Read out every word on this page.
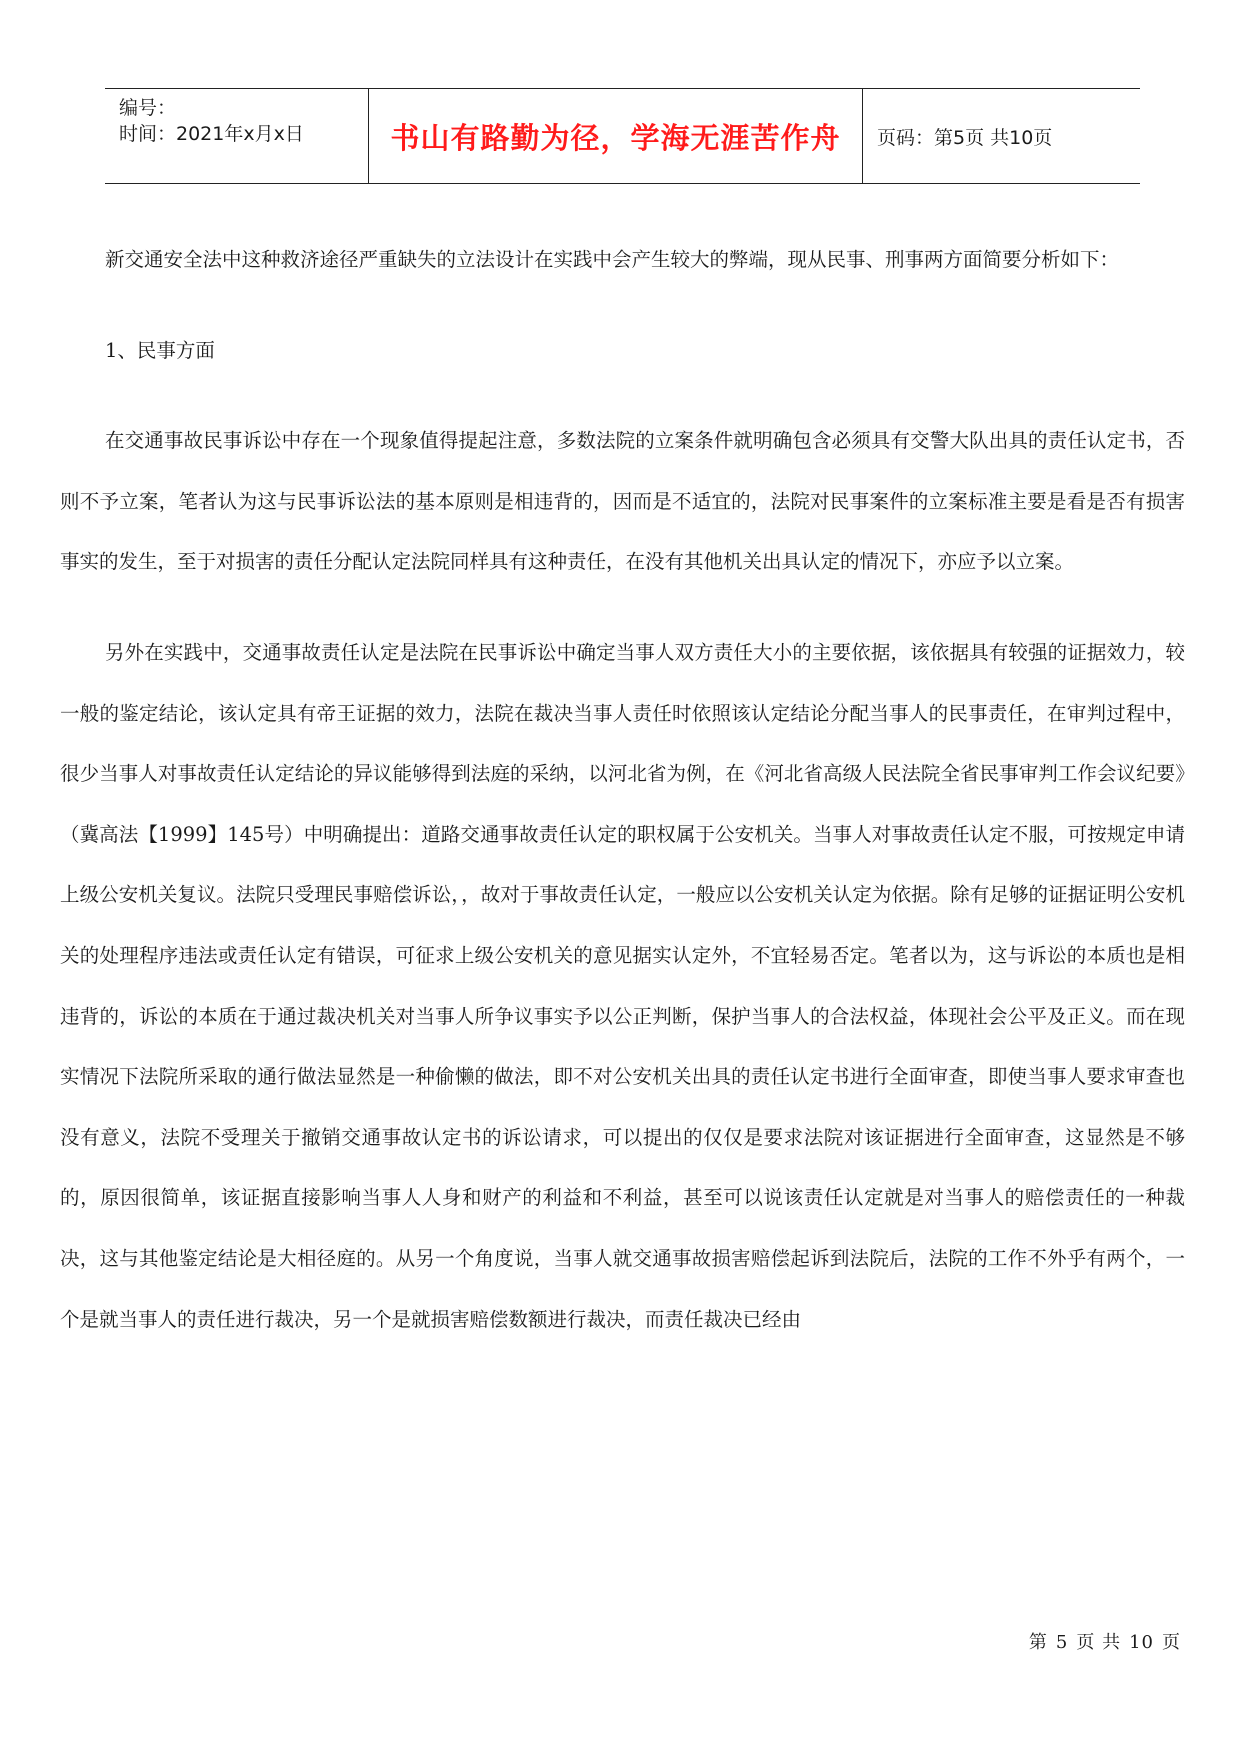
编号：
时间：2021年x月x日	书山有路勤为径，学海无涯苦作舟 页码：第5页 共10页

新交通安全法中这种救济途径严重缺失的立法设计在实践中会产生较大的弊端，现从民事、刑事两方面简要分析如下：

1、民事方面

在交通事故民事诉讼中存在一个现象值得提起注意，多数法院的立案条件就明确包含必须具有交警大队出具的责任认定书，否则不予立案，笔者认为这与民事诉讼法的基本原则是相违背的，因而是不适宜的，法院对民事案件的立案标准主要是看是否有损害事实的发生，至于对损害的责任分配认定法院同样具有这种责任，在没有其他机关出具认定的情况下，亦应予以立案。

另外在实践中，交通事故责任认定是法院在民事诉讼中确定当事人双方责任大小的主要依据，该依据具有较强的证据效力，较一般的鉴定结论，该认定具有帝王证据的效力，法院在裁决当事人责任时依照该认定结论分配当事人的民事责任，在审判过程中，很少当事人对事故责任认定结论的异议能够得到法庭的采纳，以河北省为例，在《河北省高级人民法院全省民事审判工作会议纪要》（冀高法【1999】145号）中明确提出：道路交通事故责任认定的职权属于公安机关。当事人对事故责任认定不服，可按规定申请上级公安机关复议。法院只受理民事赔偿诉讼，，故对于事故责任认定，一般应以公安机关认定为依据。除有足够的证据证明公安机关的处理程序违法或责任认定有错误，可征求上级公安机关的意见据实认定外，不宜轻易否定。笔者以为，这与诉讼的本质也是相违背的，诉讼的本质在于通过裁决机关对当事人所争议事实予以公正判断，保护当事人的合法权益，体现社会公平及正义。而在现实情况下法院所采取的通行做法显然是一种偷懒的做法，即不对公安机关出具的责任认定书进行全面审查，即使当事人要求审查也没有意义，法院不受理关于撤销交通事故认定书的诉讼请求，可以提出的仅仅是要求法院对该证据进行全面审查，这显然是不够的，原因很简单，该证据直接影响当事人人身和财产的利益和不利益，甚至可以说该责任认定就是对当事人的赔偿责任的一种裁决，这与其他鉴定结论是大相径庭的。从另一个角度说，当事人就交通事故损害赔偿起诉到法院后，法院的工作不外乎有两个，一个是就当事人的责任进行裁决，另一个是就损害赔偿数额进行裁决，而责任裁决已经由

第 5 页 共 10 页
